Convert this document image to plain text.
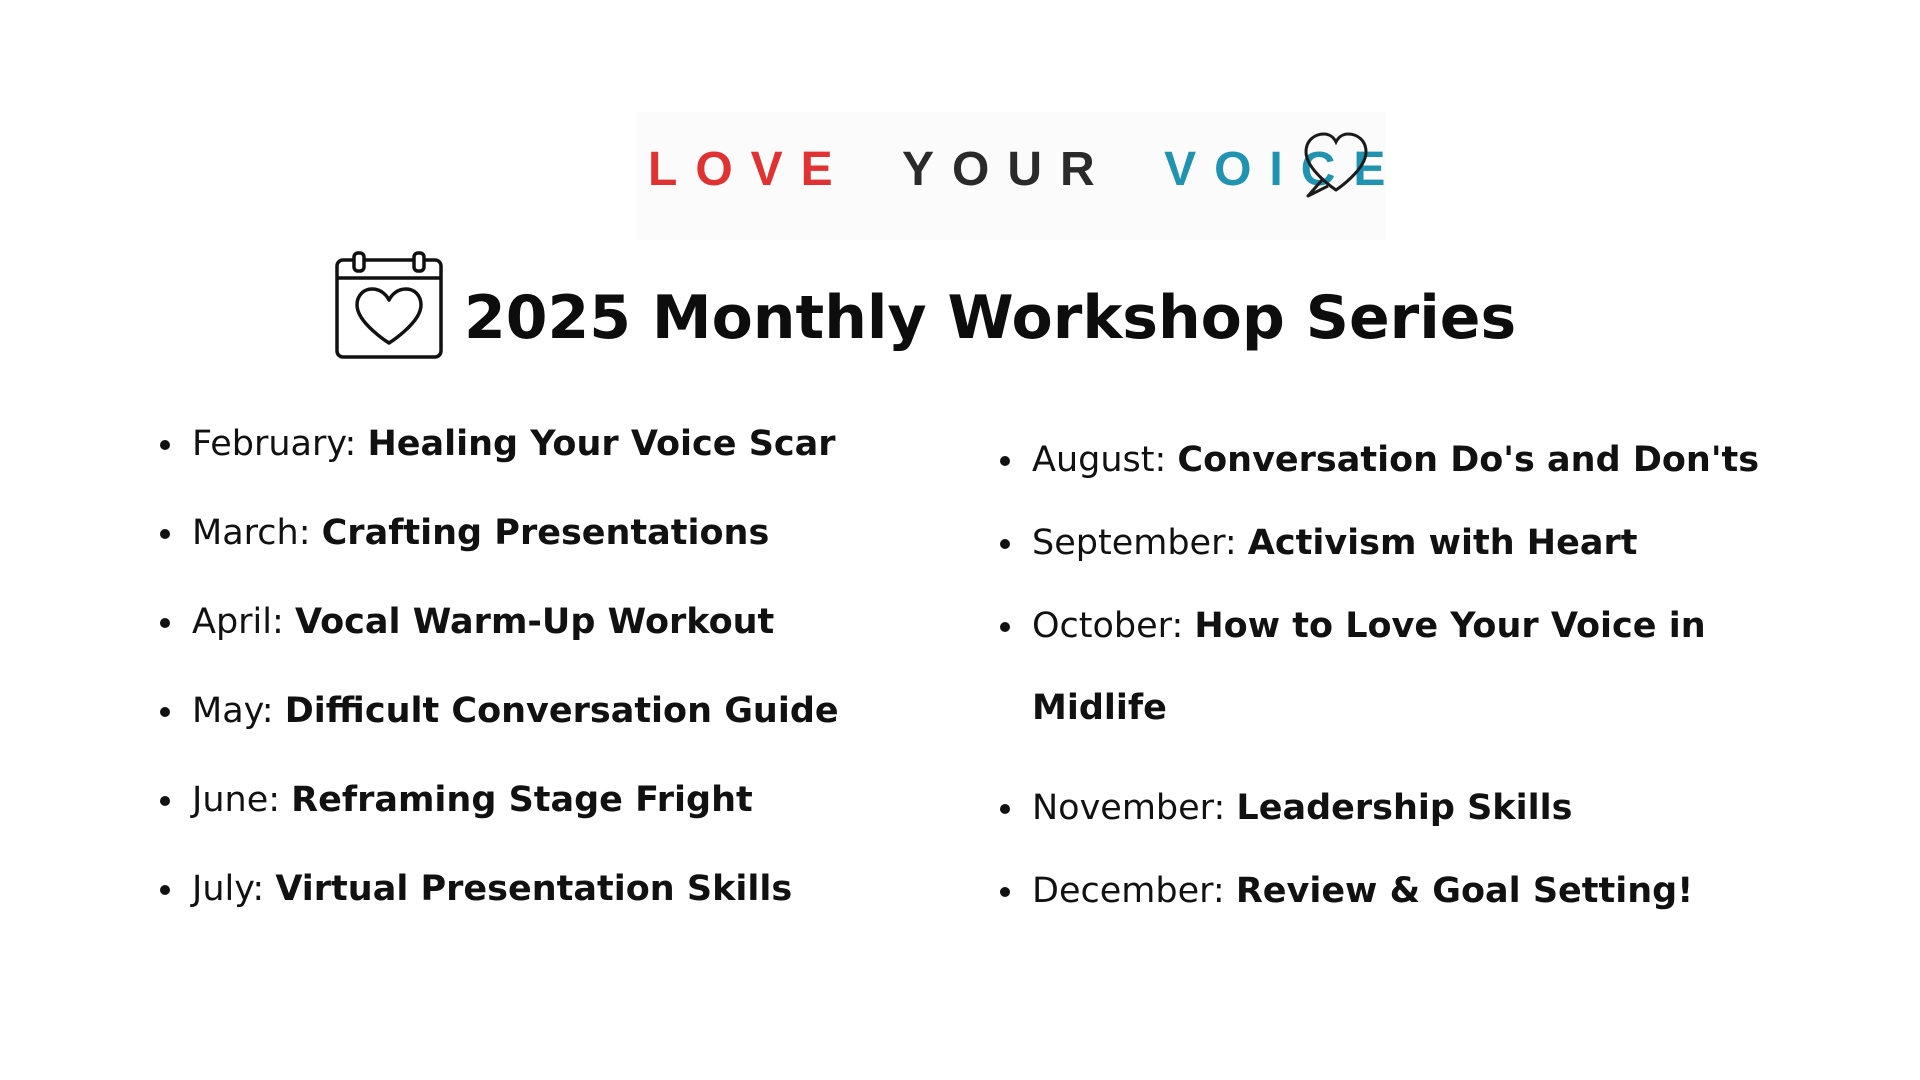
LOVE YOUR VOICE
2025 Monthly Workshop Series
February: Healing Your Voice Scar
March: Crafting Presentations
April: Vocal Warm-Up Workout
May: Difficult Conversation Guide
June: Reframing Stage Fright
July: Virtual Presentation Skills
August: Conversation Do's and Don'ts
September: Activism with Heart
October: How to Love Your Voice in Midlife
November: Leadership Skills
December: Review & Goal Setting!
